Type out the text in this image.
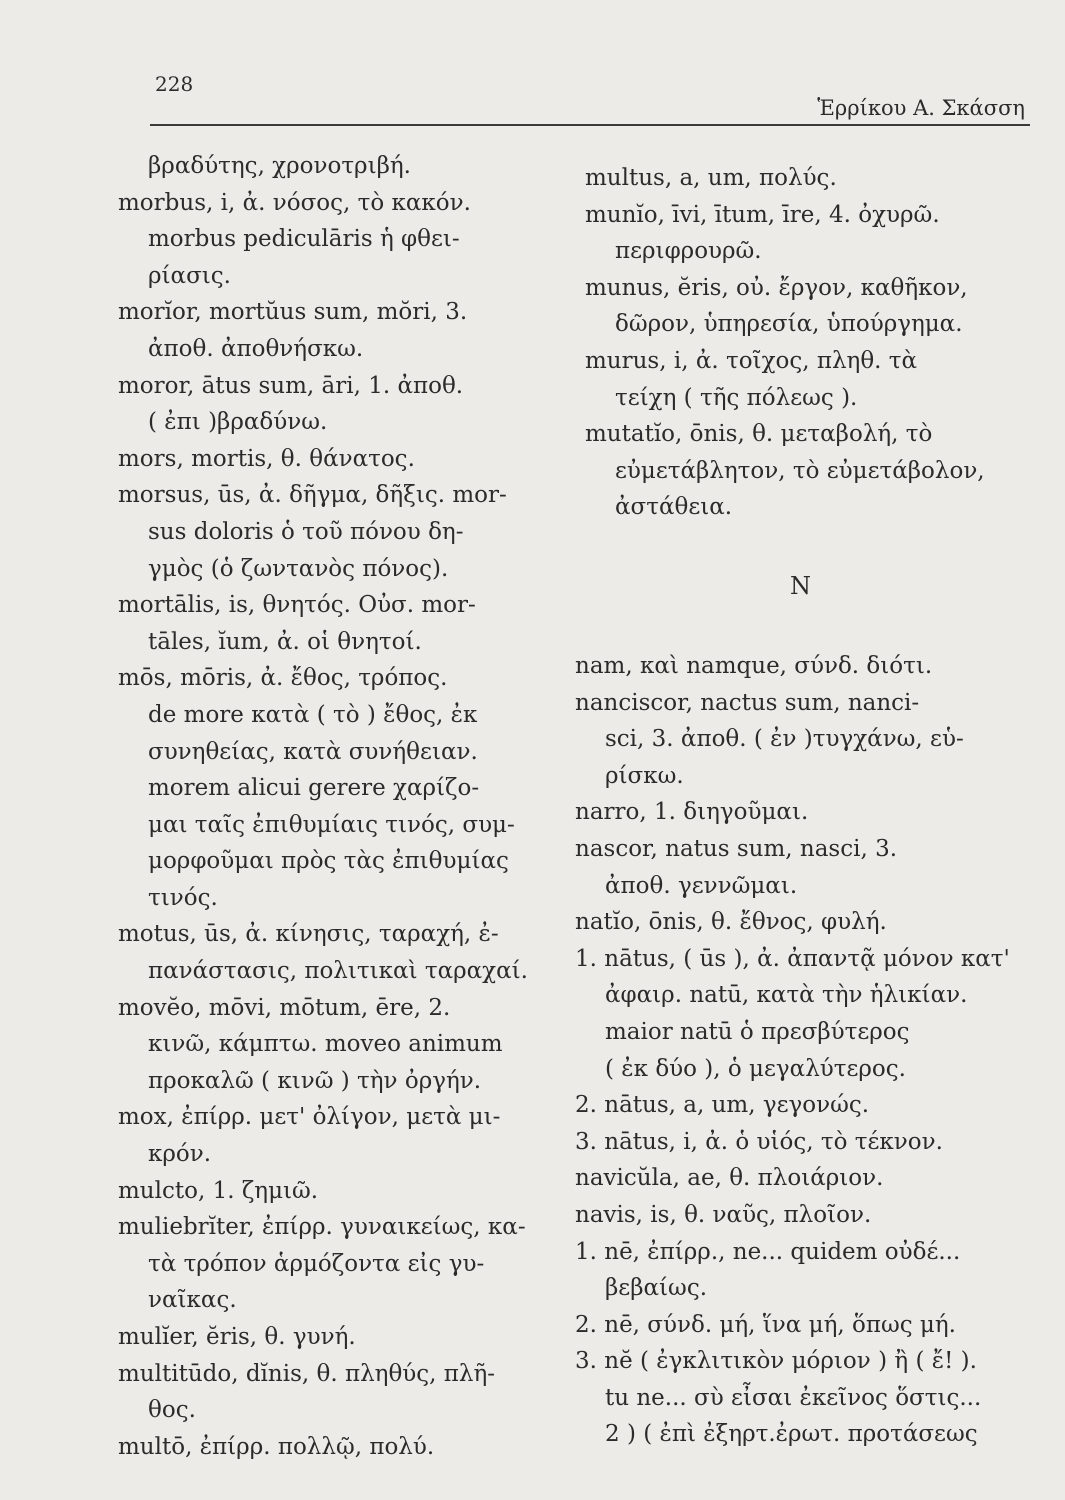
228
Ἑρρίκου Α. Σκάσση
βραδύτης, χρονοτριβή.
morbus, i, ἀ. νόσος, τὸ κακόν.
morbus pediculāris ἡ φθει-
ρίασις.
morĭor, mortŭus sum, mŏri, 3.
ἀποθ. ἀποθνήσκω.
moror, ātus sum, āri, 1. ἀποθ.
( ἐπι )βραδύνω.
mors, mortis, θ. θάνατος.
morsus, ūs, ἀ. δῆγμα, δῆξις. mor-
sus doloris ὁ τοῦ πόνου δη-
γμὸς (ὁ ζωντανὸς πόνος).
mortālis, is, θνητός. Οὐσ. mor-
tāles, ĭum, ἀ. οἱ θνητοί.
mōs, mōris, ἀ. ἔθος, τρόπος.
de more κατὰ ( τὸ ) ἔθος, ἐκ
συνηθείας, κατὰ συνήθειαν.
morem alicui gerere χαρίζο-
μαι ταῖς ἐπιθυμίαις τινός, συμ-
μορφοῦμαι πρὸς τὰς ἐπιθυμίας
τινός.
motus, ūs, ἀ. κίνησις, ταραχή, ἐ-
πανάστασις, πολιτικαὶ ταραχαί.
movĕo, mōvi, mōtum, ēre, 2.
κινῶ, κάμπτω. moveo animum
προκαλῶ ( κινῶ ) τὴν ὀργήν.
mox, ἐπίρρ. μετ' ὀλίγον, μετὰ μι-
κρόν.
mulcto, 1. ζημιῶ.
muliebrĭter, ἐπίρρ. γυναικείως, κα-
τὰ τρόπον ἁρμόζοντα εἰς γυ-
ναῖκας.
mulĭer, ĕris, θ. γυνή.
multitūdo, dĭnis, θ. πληθύς, πλῆ-
θος.
multō, ἐπίρρ. πολλῷ, πολύ.
multus, a, um, πολύς.
munĭo, īvi, ītum, īre, 4. ὀχυρῶ.
περιφρουρῶ.
munus, ĕris, οὐ. ἔργον, καθῆκον,
δῶρον, ὑπηρεσία, ὑπούργημα.
murus, i, ἀ. τοῖχος, πληθ. τὰ
τείχη ( τῆς πόλεως ).
mutatĭo, ōnis, θ. μεταβολή, τὸ
εὐμετάβλητον, τὸ εὐμετάβολον,
ἀστάθεια.
N
nam, καὶ namque, σύνδ. διότι.
nanciscor, nactus sum, nanci-
sci, 3. ἀποθ. ( ἐν )τυγχάνω, εὑ-
ρίσκω.
narro, 1. διηγοῦμαι.
nascor, natus sum, nasci, 3.
ἀποθ. γεννῶμαι.
natĭo, ōnis, θ. ἔθνος, φυλή.
1. nātus, ( ūs ), ἀ. ἀπαντᾷ μόνον κατ'
ἀφαιρ. natū, κατὰ τὴν ἡλικίαν.
maior natū ὁ πρεσβύτερος
( ἐκ δύο ), ὁ μεγαλύτερος.
2. nātus, a, um, γεγονώς.
3. nātus, i, ἀ. ὁ υἱός, τὸ τέκνον.
navicŭla, ae, θ. πλοιάριον.
navis, is, θ. ναῦς, πλοῖον.
1. nē, ἐπίρρ., ne... quidem οὐδέ...
βεβαίως.
2. nē, σύνδ. μή, ἵνα μή, ὅπως μή.
3. nĕ ( ἐγκλιτικὸν μόριον ) ἢ ( ἔ! ).
tu ne... σὺ εἶσαι ἐκεῖνος ὅστις...
2 ) ( ἐπὶ ἐξηρτ.ἐρωτ. προτάσεως
